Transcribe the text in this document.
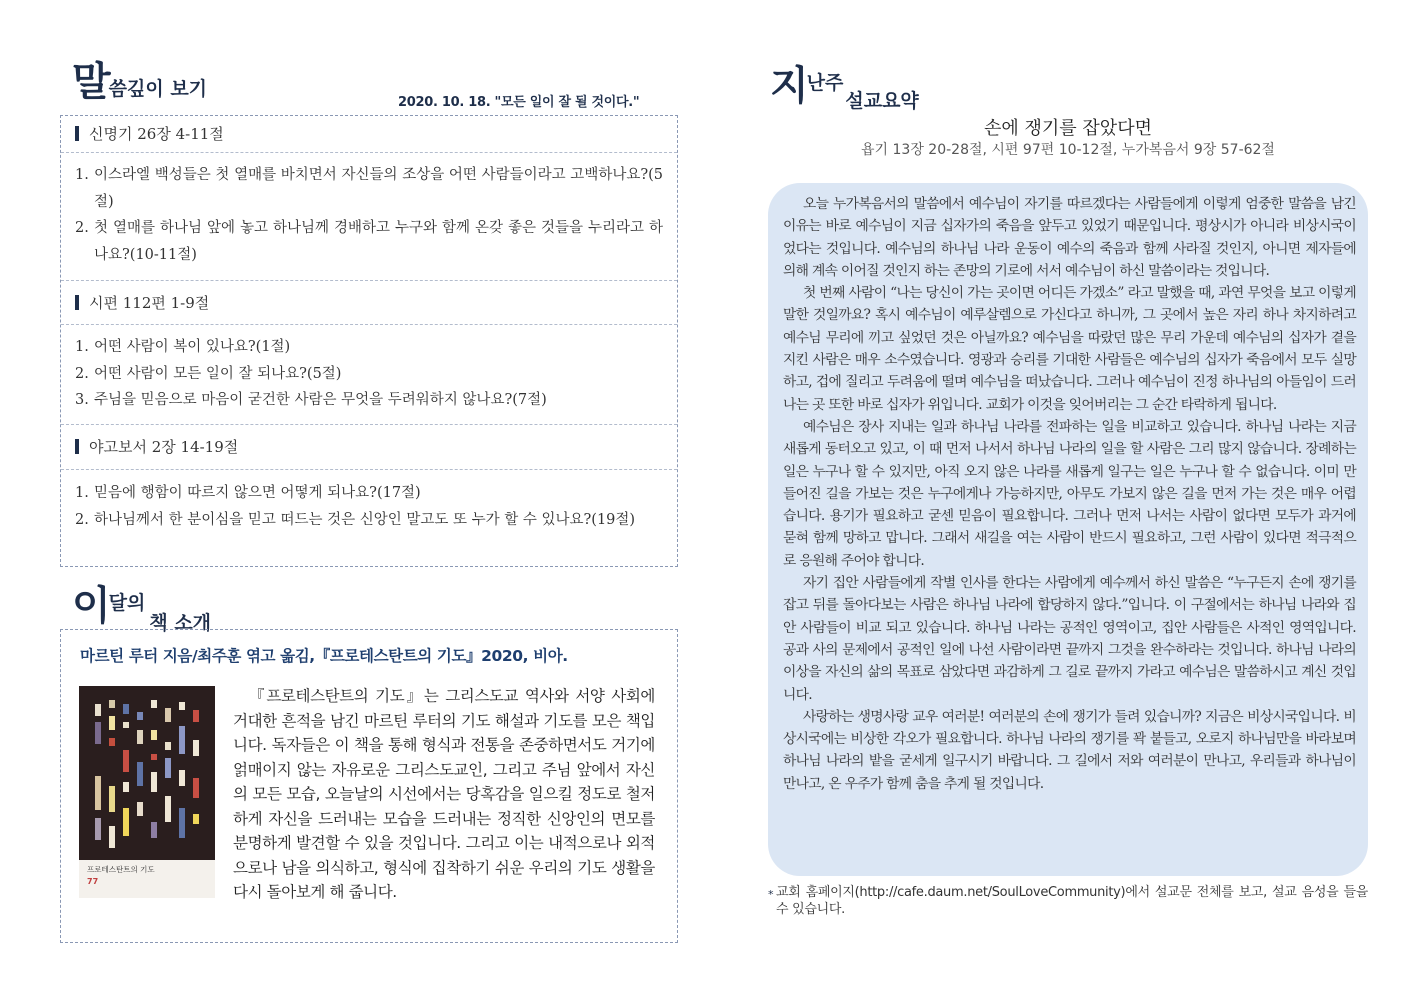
말씀깊이 보기
2020. 10. 18. "모든 일이 잘 될 것이다."
신명기 26장 4-11절
1. 이스라엘 백성들은 첫 열매를 바치면서 자신들의 조상을 어떤 사람들이라고 고백하나요?(5절)
2. 첫 열매를 하나님 앞에 놓고 하나님께 경배하고 누구와 함께 온갖 좋은 것들을 누리라고 하나요?(10-11절)
시편 112편 1-9절
1. 어떤 사람이 복이 있나요?(1절)
2. 어떤 사람이 모든 일이 잘 되나요?(5절)
3. 주님을 믿음으로 마음이 굳건한 사람은 무엇을 두려워하지 않나요?(7절)
야고보서 2장 14-19절
1. 믿음에 행함이 따르지 않으면 어떻게 되나요?(17절)
2. 하나님께서 한 분이심을 믿고 떠드는 것은 신앙인 말고도 또 누가 할 수 있나요?(19절)
이달의책 소개
마르틴 루터 지음/최주훈 엮고 옮김,『프로테스탄트의 기도』2020, 비아.
프로테스탄트의 기도
77
『프로테스탄트의 기도』는 그리스도교 역사와 서양 사회에 거대한 흔적을 남긴 마르틴 루터의 기도 해설과 기도를 모은 책입니다. 독자들은 이 책을 통해 형식과 전통을 존중하면서도 거기에 얽매이지 않는 자유로운 그리스도교인, 그리고 주님 앞에서 자신의 모든 모습, 오늘날의 시선에서는 당혹감을 일으킬 정도로 철저하게 자신을 드러내는 모습을 드러내는 정직한 신앙인의 면모를 분명하게 발견할 수 있을 것입니다. 그리고 이는 내적으로나 외적으로나 남을 의식하고, 형식에 집착하기 쉬운 우리의 기도 생활을 다시 돌아보게 해 줍니다.
지난주설교요약
손에 쟁기를 잡았다면
욥기 13장 20-28절, 시편 97편 10-12절, 누가복음서 9장 57-62절

오늘 누가복음서의 말씀에서 예수님이 자기를 따르겠다는 사람들에게 이렇게 엄중한 말씀을 남긴 이유는 바로 예수님이 지금 십자가의 죽음을 앞두고 있었기 때문입니다. 평상시가 아니라 비상시국이었다는 것입니다. 예수님의 하나님 나라 운동이 예수의 죽음과 함께 사라질 것인지, 아니면 제자들에 의해 계속 이어질 것인지 하는 존망의 기로에 서서 예수님이 하신 말씀이라는 것입니다.

첫 번째 사람이 “나는 당신이 가는 곳이면 어디든 가겠소” 라고 말했을 때, 과연 무엇을 보고 이렇게 말한 것일까요? 혹시 예수님이 예루살렘으로 가신다고 하니까, 그 곳에서 높은 자리 하나 차지하려고 예수님 무리에 끼고 싶었던 것은 아닐까요? 예수님을 따랐던 많은 무리 가운데 예수님의 십자가 곁을 지킨 사람은 매우 소수였습니다. 영광과 승리를 기대한 사람들은 예수님의 십자가 죽음에서 모두 실망하고, 겁에 질리고 두려움에 떨며 예수님을 떠났습니다. 그러나 예수님이 진정 하나님의 아들임이 드러나는 곳 또한 바로 십자가 위입니다. 교회가 이것을 잊어버리는 그 순간 타락하게 됩니다.

예수님은 장사 지내는 일과 하나님 나라를 전파하는 일을 비교하고 있습니다. 하나님 나라는 지금 새롭게 동터오고 있고, 이 때 먼저 나서서 하나님 나라의 일을 할 사람은 그리 많지 않습니다. 장례하는 일은 누구나 할 수 있지만, 아직 오지 않은 나라를 새롭게 일구는 일은 누구나 할 수 없습니다. 이미 만들어진 길을 가보는 것은 누구에게나 가능하지만, 아무도 가보지 않은 길을 먼저 가는 것은 매우 어렵습니다. 용기가 필요하고 굳센 믿음이 필요합니다. 그러나 먼저 나서는 사람이 없다면 모두가 과거에 묻혀 함께 망하고 맙니다. 그래서 새길을 여는 사람이 반드시 필요하고, 그런 사람이 있다면 적극적으로 응원해 주어야 합니다.

자기 집안 사람들에게 작별 인사를 한다는 사람에게 예수께서 하신 말씀은 “누구든지 손에 쟁기를 잡고 뒤를 돌아다보는 사람은 하나님 나라에 합당하지 않다.”입니다. 이 구절에서는 하나님 나라와 집안 사람들이 비교 되고 있습니다. 하나님 나라는 공적인 영역이고, 집안 사람들은 사적인 영역입니다. 공과 사의 문제에서 공적인 일에 나선 사람이라면 끝까지 그것을 완수하라는 것입니다. 하나님 나라의 이상을 자신의 삶의 목표로 삼았다면 과감하게 그 길로 끝까지 가라고 예수님은 말씀하시고 계신 것입니다.

사랑하는 생명사랑 교우 여러분! 여러분의 손에 쟁기가 들려 있습니까? 지금은 비상시국입니다. 비상시국에는 비상한 각오가 필요합니다. 하나님 나라의 쟁기를 꽉 붙들고, 오로지 하나님만을 바라보며 하나님 나라의 밭을 굳세게 일구시기 바랍니다. 그 길에서 저와 여러분이 만나고, 우리들과 하나님이 만나고, 온 우주가 함께 춤을 추게 될 것입니다.

* 교회 홈페이지(http://cafe.daum.net/SoulLoveCommunity)에서 설교문 전체를 보고, 설교 음성을 들을 수 있습니다.
